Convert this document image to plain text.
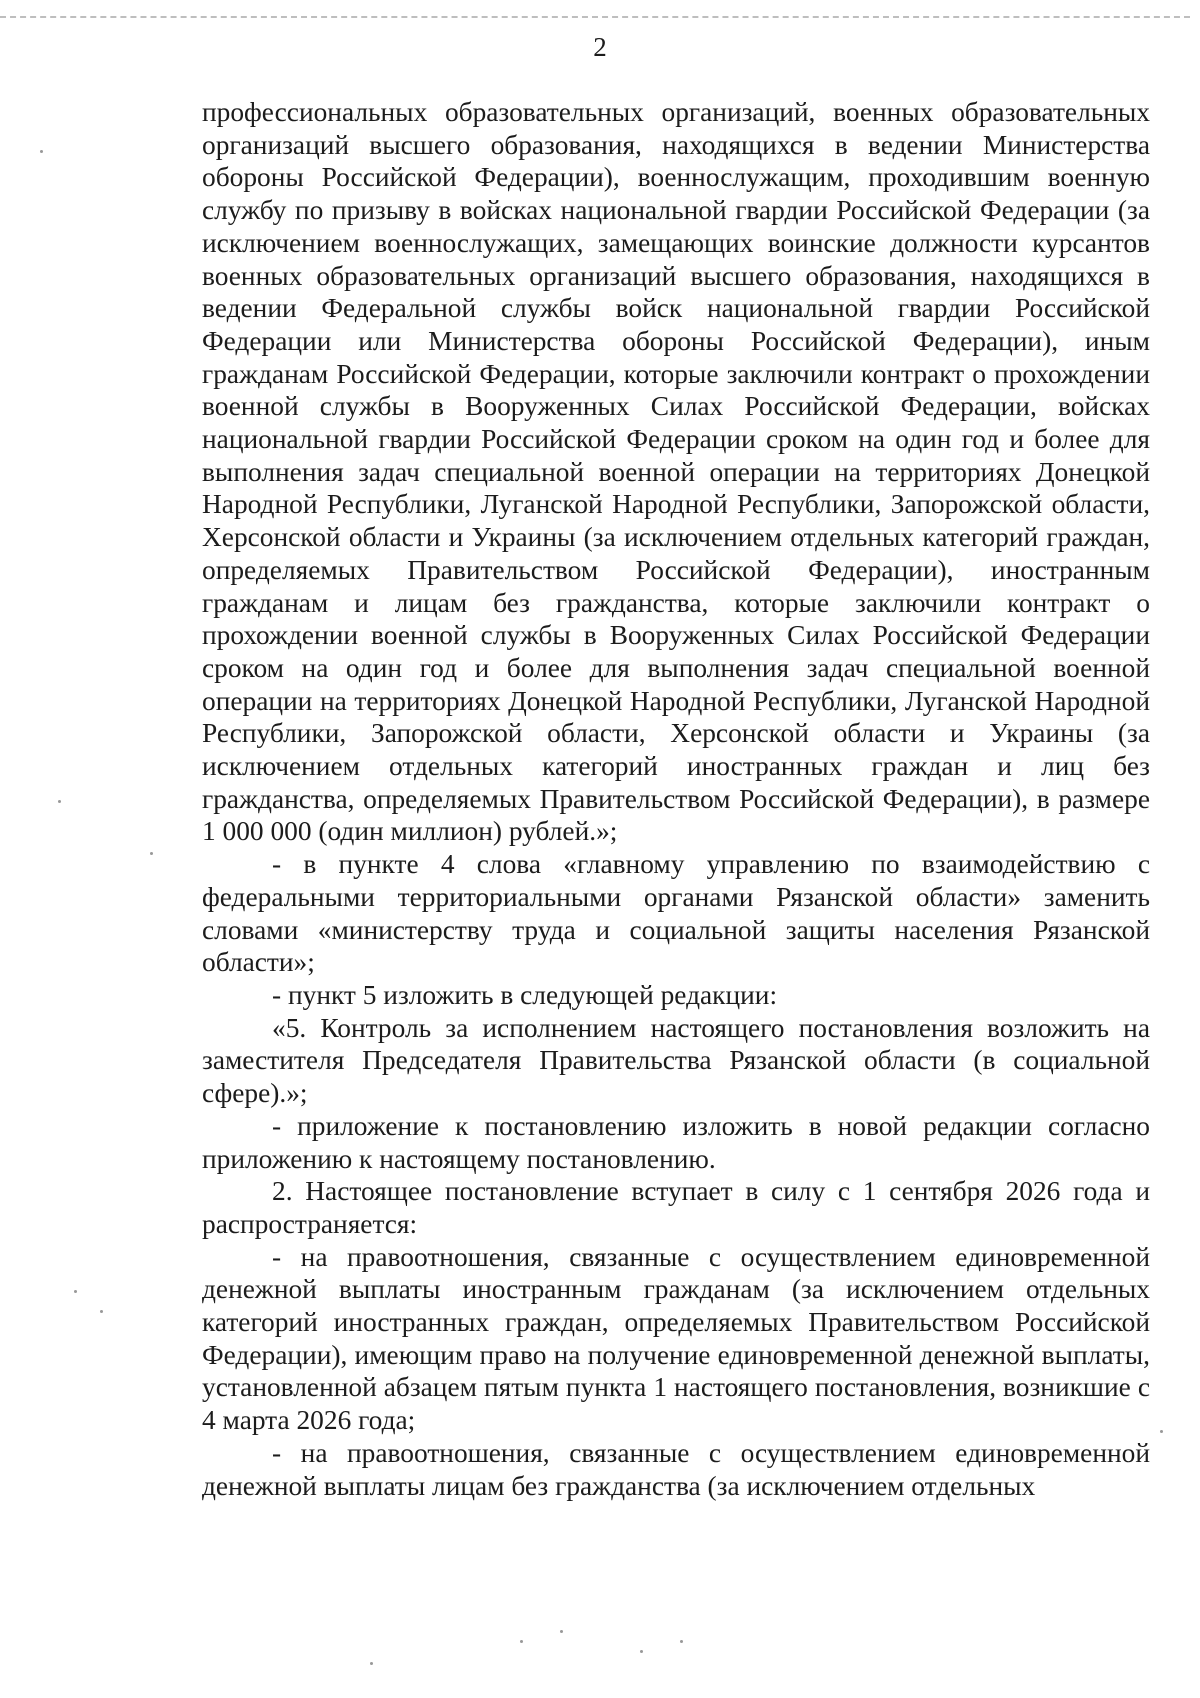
2

профессиональных образовательных организаций, военных образовательных организаций высшего образования, находящихся в ведении Министерства обороны Российской Федерации), военнослужащим, проходившим военную службу по призыву в войсках национальной гвардии Российской Федерации (за исключением военнослужащих, замещающих воинские должности курсантов военных образовательных организаций высшего образования, находящихся в ведении Федеральной службы войск национальной гвардии Российской Федерации или Министерства обороны Российской Федерации), иным гражданам Российской Федерации, которые заключили контракт о прохождении военной службы в Вооруженных Силах Российской Федерации, войсках национальной гвардии Российской Федерации сроком на один год и более для выполнения задач специальной военной операции на территориях Донецкой Народной Республики, Луганской Народной Республики, Запорожской области, Херсонской области и Украины (за исключением отдельных категорий граждан, определяемых Правительством Российской Федерации), иностранным гражданам и лицам без гражданства, которые заключили контракт о прохождении военной службы в Вооруженных Силах Российской Федерации сроком на один год и более для выполнения задач специальной военной операции на территориях Донецкой Народной Республики, Луганской Народной Республики, Запорожской области, Херсонской области и Украины (за исключением отдельных категорий иностранных граждан и лиц без гражданства, определяемых Правительством Российской Федерации), в размере 1 000 000 (один миллион) рублей.»;

- в пункте 4 слова «главному управлению по взаимодействию с федеральными территориальными органами Рязанской области» заменить словами «министерству труда и социальной защиты населения Рязанской области»;

- пункт 5 изложить в следующей редакции:

«5. Контроль за исполнением настоящего постановления возложить на заместителя Председателя Правительства Рязанской области (в социальной сфере).»;

- приложение к постановлению изложить в новой редакции согласно приложению к настоящему постановлению.

2. Настоящее постановление вступает в силу с 1 сентября 2026 года и распространяется:

- на правоотношения, связанные с осуществлением единовременной денежной выплаты иностранным гражданам (за исключением отдельных категорий иностранных граждан, определяемых Правительством Российской Федерации), имеющим право на получение единовременной денежной выплаты, установленной абзацем пятым пункта 1 настоящего постановления, возникшие с 4 марта 2026 года;

- на правоотношения, связанные с осуществлением единовременной денежной выплаты лицам без гражданства (за исключением отдельных
